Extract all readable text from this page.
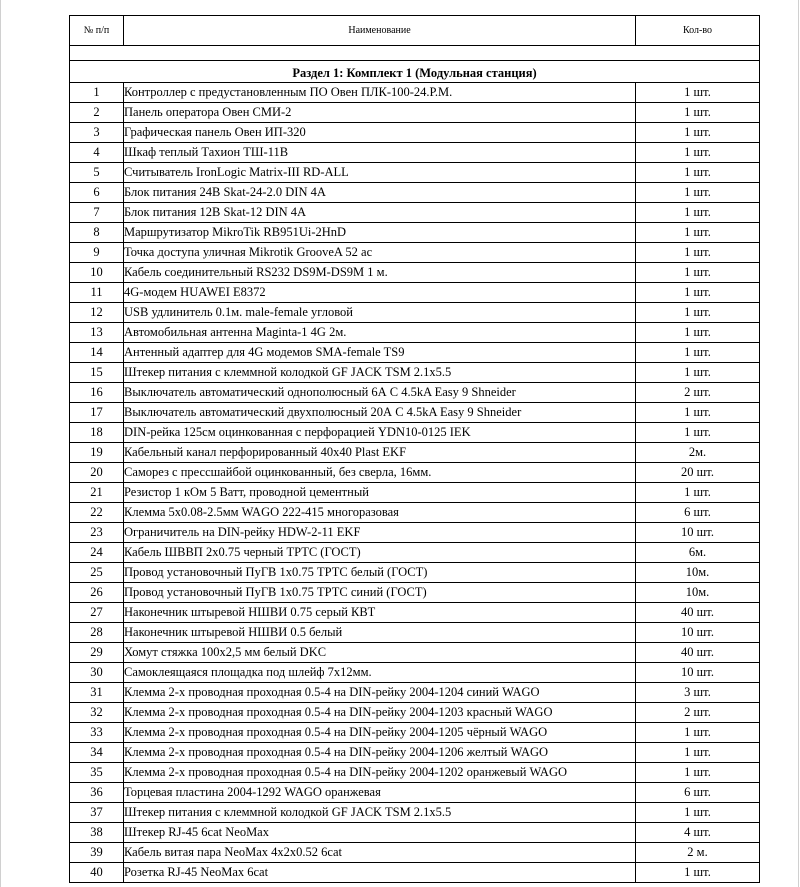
№ п/п	Наименование	Кол-во

Раздел 1: Комплект 1 (Модульная станция)		
1	Контроллер с предустановленным ПО Овен ПЛК-100-24.Р.М.	1 шт.
2	Панель оператора Овен СМИ-2	1 шт.
3	Графическая панель Овен ИП-320	1 шт.
4	Шкаф теплый Тахион ТШ-11В	1 шт.
5	Считыватель IronLogic Matrix-III RD-ALL	1 шт.
6	Блок питания 24В Skat-24-2.0 DIN 4A	1 шт.
7	Блок питания 12В Skat-12 DIN 4A	1 шт.
8	Маршрутизатор MikroTik RB951Ui-2HnD	1 шт.
9	Точка доступа уличная Mikrotik GrooveA 52 ac	1 шт.
10	Кабель соединительный RS232 DS9M-DS9M 1 м.	1 шт.
11	4G-модем HUAWEI E8372	1 шт.
12	USB удлинитель 0.1м. male-female угловой	1 шт.
13	Автомобильная антенна Maginta-1 4G 2м.	1 шт.
14	Антенный адаптер для 4G модемов SMA-female TS9	1 шт.
15	Штекер питания с клеммной колодкой GF JACK TSM 2.1x5.5	1 шт.
16	Выключатель автоматический однополюсный 6А С 4.5kA Easy 9 Shneider	2 шт.
17	Выключатель автоматический двухполюсный 20А С 4.5kA Easy 9 Shneider	1 шт.
18	DIN-рейка 125см оцинкованная с перфорацией YDN10-0125 IEK	1 шт.
19	Кабельный канал перфорированный 40х40 Plast EKF	2м.
20	Саморез с прессшайбой оцинкованный, без сверла, 16мм.	20 шт.
21	Резистор 1 кОм 5 Ватт, проводной цементный	1 шт.
22	Клемма 5х0.08-2.5мм WAGO 222-415 многоразовая	6 шт.
23	Ограничитель на DIN-рейку HDW-2-11 EKF	10 шт.
24	Кабель ШВВП 2х0.75 черный ТРТС (ГОСТ)	6м.
25	Провод установочный ПуГВ 1х0.75 ТРТС белый (ГОСТ)	10м.
26	Провод установочный ПуГВ 1х0.75 ТРТС синий (ГОСТ)	10м.
27	Наконечник штыревой НШВИ 0.75 серый КВТ	40 шт.
28	Наконечник штыревой НШВИ 0.5 белый	10 шт.
29	Хомут стяжка 100х2,5 мм белый DKC	40 шт.
30	Самоклеящаяся площадка под шлейф 7х12мм.	10 шт.
31	Клемма 2-х проводная проходная 0.5-4 на DIN-рейку 2004-1204 синий WAGO	3 шт.
32	Клемма 2-х проводная проходная 0.5-4 на DIN-рейку 2004-1203 красный WAGO	2 шт.
33	Клемма 2-х проводная проходная 0.5-4 на DIN-рейку 2004-1205 чёрный WAGO	1 шт.
34	Клемма 2-х проводная проходная 0.5-4 на DIN-рейку 2004-1206 желтый WAGO	1 шт.
35	Клемма 2-х проводная проходная 0.5-4 на DIN-рейку 2004-1202 оранжевый WAGO	1 шт.
36	Торцевая пластина 2004-1292 WAGO оранжевая	6 шт.
37	Штекер питания с клеммной колодкой GF JACK TSM 2.1x5.5	1 шт.
38	Штекер RJ-45 6cat NeoMax	4 шт.
39	Кабель витая пара NeoMax 4x2x0.52 6cat	2 м.
40	Розетка RJ-45 NeoMax 6cat	1 шт.
